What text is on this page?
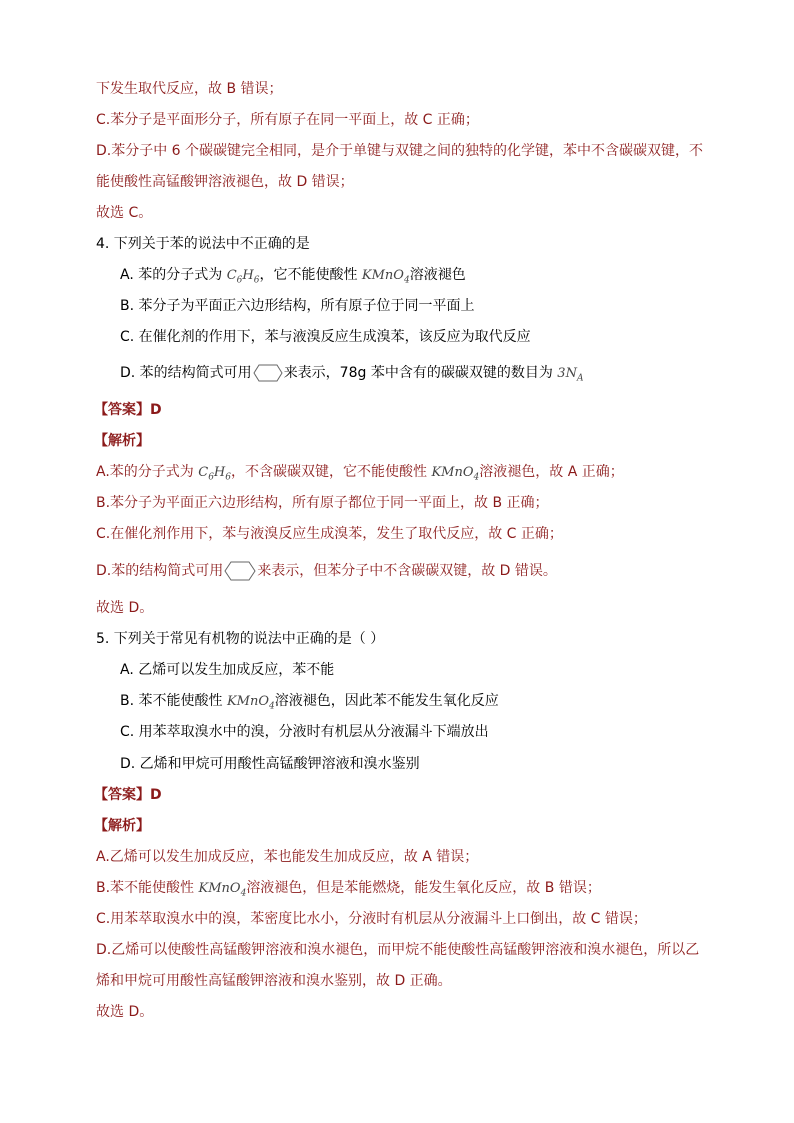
下发生取代反应，故 B 错误；
C.苯分子是平面形分子，所有原子在同一平面上，故 C 正确；
D.苯分子中 6 个碳碳键完全相同，是介于单键与双键之间的独特的化学键，苯中不含碳碳双键，不
能使酸性高锰酸钾溶液褪色，故 D 错误；
故选 C。
4. 下列关于苯的说法中不正确的是
A. 苯的分子式为 $C_6H_6$，它不能使酸性 KMnO$_4$溶液褪色
B. 苯分子为平面正六边形结构，所有原子位于同一平面上
C. 在催化剂的作用下，苯与液溴反应生成溴苯，该反应为取代反应
D. 苯的结构简式可用 来表示，78g 苯中含有的碳碳双键的数目为 $3N_A$
【答案】D
【解析】
A.苯的分子式为 $C_6H_6$，不含碳碳双键，它不能使酸性 KMnO$_4$溶液褪色，故 A 正确；
B.苯分子为平面正六边形结构，所有原子都位于同一平面上，故 B 正确；
C.在催化剂作用下，苯与液溴反应生成溴苯，发生了取代反应，故 C 正确；
D.苯的结构简式可用 来表示，但苯分子中不含碳碳双键，故 D 错误。
故选 D。
5. 下列关于常见有机物的说法中正确的是（ ）
A. 乙烯可以发生加成反应，苯不能
B. 苯不能使酸性 KMnO$_4$溶液褪色，因此苯不能发生氧化反应
C. 用苯萃取溴水中的溴，分液时有机层从分液漏斗下端放出
D. 乙烯和甲烷可用酸性高锰酸钾溶液和溴水鉴别
【答案】D
【解析】
A.乙烯可以发生加成反应，苯也能发生加成反应，故 A 错误；
B.苯不能使酸性 KMnO$_4$溶液褪色，但是苯能燃烧，能发生氧化反应，故 B 错误；
C.用苯萃取溴水中的溴，苯密度比水小，分液时有机层从分液漏斗上口倒出，故 C 错误；
D.乙烯可以使酸性高锰酸钾溶液和溴水褪色，而甲烷不能使酸性高锰酸钾溶液和溴水褪色，所以乙
烯和甲烷可用酸性高锰酸钾溶液和溴水鉴别，故 D 正确。
故选 D。
